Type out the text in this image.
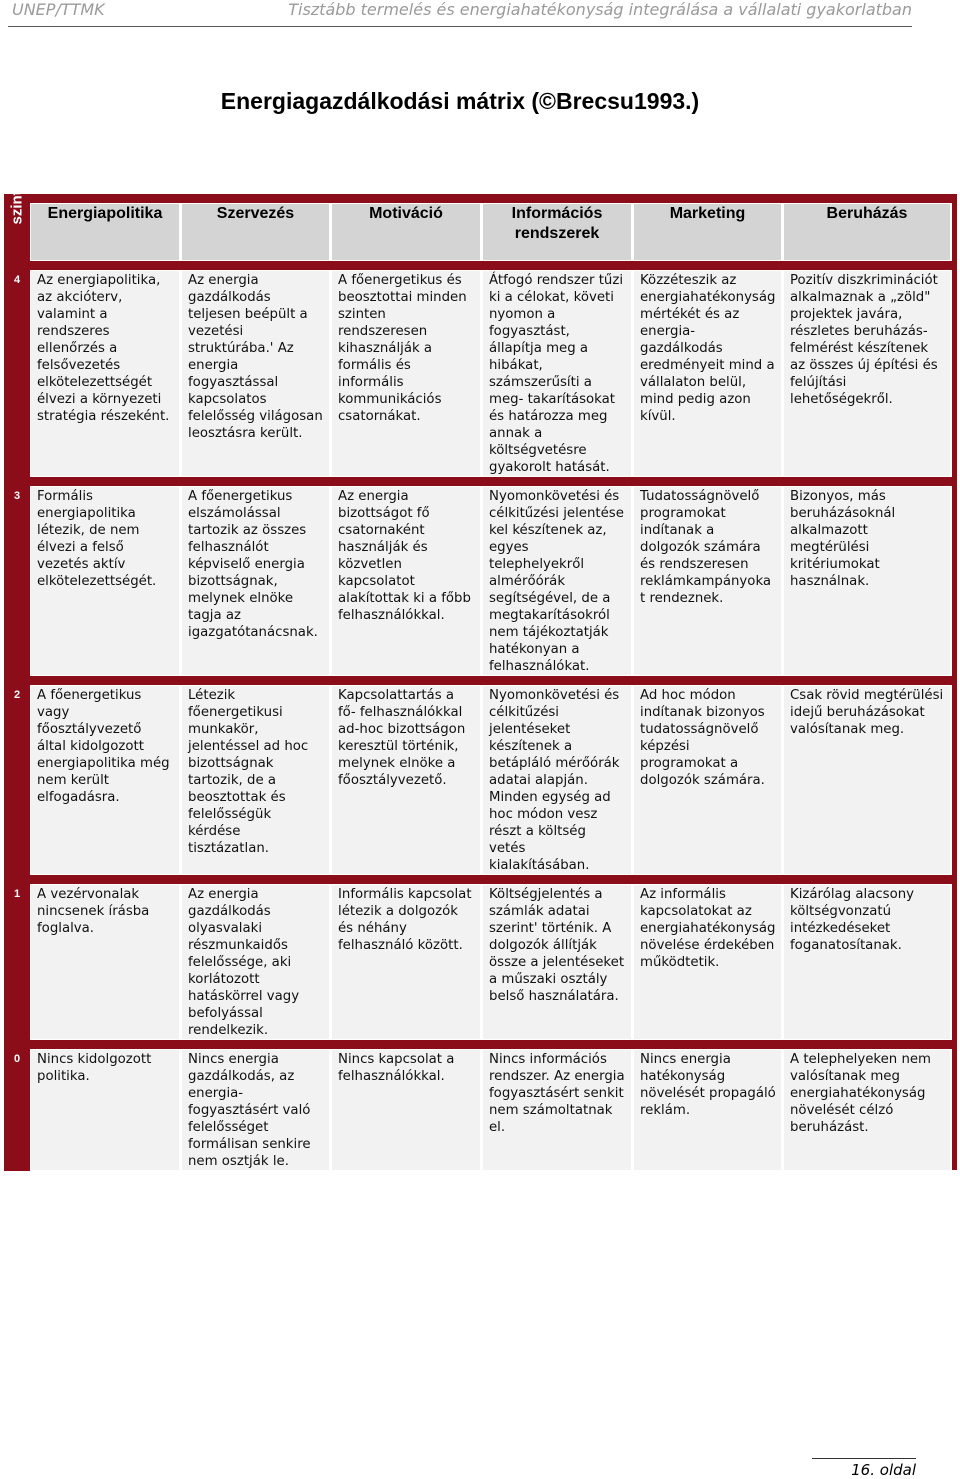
UNEP/TTMK	Tisztább termelés és energiahatékonyság integrálása a vállalati gyakorlatban
Energiagazdálkodási mátrix (©Brecsu1993.)
szint	Energiapolitika	Szervezés	Motiváció	Információs rendszerek	Marketing	Beruházás

4	Az energiapolitika, az akcióterv, valamint a rendszeres ellenőrzés a felsővezetés elkötelezettségét élvezi a környezeti stratégia részeként.	Az energia gazdálkodás teljesen beépült a vezetési struktúrába.' Az energia fogyasztással kapcsolatos felelősség világosan leosztásra került.	A főenergetikus és beosztottai minden szinten rendszeresen kihasználják a formális és informális kommunikációs csatornákat.	Átfogó rendszer tűzi ki a célokat, követi nyomon a fogyasztást, állapítja meg a hibákat, számszerűsíti a meg- takarításokat és határozza meg annak a költségvetésre gyakorolt hatását.	Közzéteszik az energiahatékonyság mértékét és az energia- gazdálkodás eredményeit mind a vállalaton belül, mind pedig azon kívül.	Pozitív diszkriminációt alkalmaznak a „zöld" projektek javára, részletes beruházás-felmérést készítenek az összes új építési és felújítási lehetőségekről.

3	Formális energiapolitika létezik, de nem élvezi a felső vezetés aktív elkötelezettségét.	A főenergetikus elszámolással tartozik az összes felhasználót képviselő energia bizottságnak, melynek elnöke tagja az igazgatótanácsnak.	Az energia bizottságot fő csatornaként használják és közvetlen kapcsolatot alakítottak ki a főbb felhasználókkal.	Nyomonkövetési és célkitűzési jelentése kel készítenek az, egyes telephelyekről almérőórák segítségével, de a megtakarításokról nem tájékoztatják hatékonyan a felhasználókat.	Tudatosságnövelő programokat indítanak a dolgozók számára és rendszeresen reklámkampányokat rendeznek.	Bizonyos, más beruházásoknál alkalmazott megtérülési kritériumokat használnak.

2	A főenergetikus vagy főosztályvezető által kidolgozott energiapolitika még nem került elfogadásra.	Létezik főenergetikusi munkakör, jelentéssel ad hoc bizottságnak tartozik, de a beosztottak és felelősségük kérdése tisztázatlan.	Kapcsolattartás a fő- felhasználókkal ad-hoc bizottságon keresztül történik, melynek elnöke a főosztályvezető.	Nyomonkövetési és célkitűzési jelentéseket készítenek a betápláló mérőórák adatai alapján. Minden egység ad hoc módon vesz részt a költség vetés kialakításában.	Ad hoc módon indítanak bizonyos tudatosságnövelő képzési programokat a dolgozók számára.	Csak rövid megtérülési idejű beruházásokat valósítanak meg.

1	A vezérvonalak nincsenek írásba foglalva.	Az energia gazdálkodás olyasvalaki részmunkaidős felelőssége, aki korlátozott hatáskörrel vagy befolyással rendelkezik.	Informális kapcsolat létezik a dolgozók és néhány felhasználó között.	Költségjelentés a számlák adatai szerint' történik. A dolgozók állítják össze a jelentéseket a műszaki osztály belső használatára.	Az informális kapcsolatokat az energiahatékonyság növelése érdekében működtetik.	Kizárólag alacsony költségvonzatú intézkedéseket foganatosítanak.

0	Nincs kidolgozott politika.	Nincs energia gazdálkodás, az energia- fogyasztásért való felelősséget formálisan senkire nem osztják le.	Nincs kapcsolat a felhasználókkal.	Nincs információs rendszer. Az energia fogyasztásért senkit nem számoltatnak el.	Nincs energia hatékonyság növelését propagáló reklám.	A telephelyeken nem valósítanak meg energiahatékonyság növelését célzó beruházást.
16. oldal
